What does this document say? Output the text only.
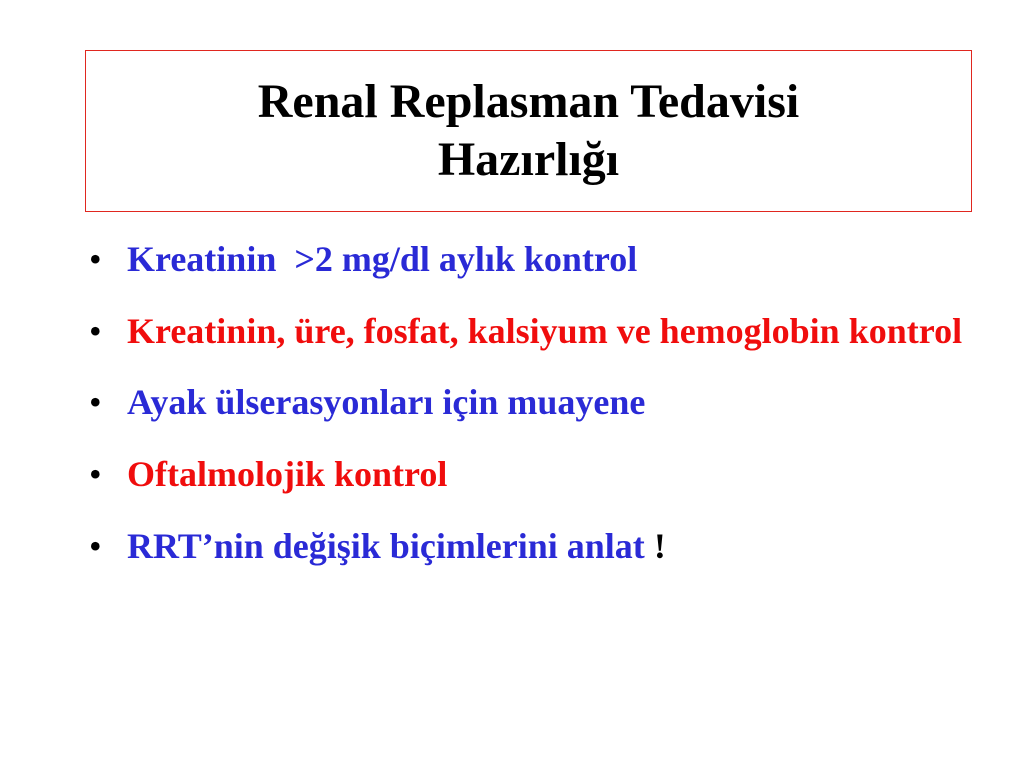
Renal Replasman Tedavisi
Hazırlığı
• Kreatinin  >2 mg/dl aylık kontrol
• Kreatinin, üre, fosfat, kalsiyum ve hemoglobin kontrol
• Ayak ülserasyonları için muayene
• Oftalmolojik kontrol
• RRT’nin değişik biçimlerini anlat !
